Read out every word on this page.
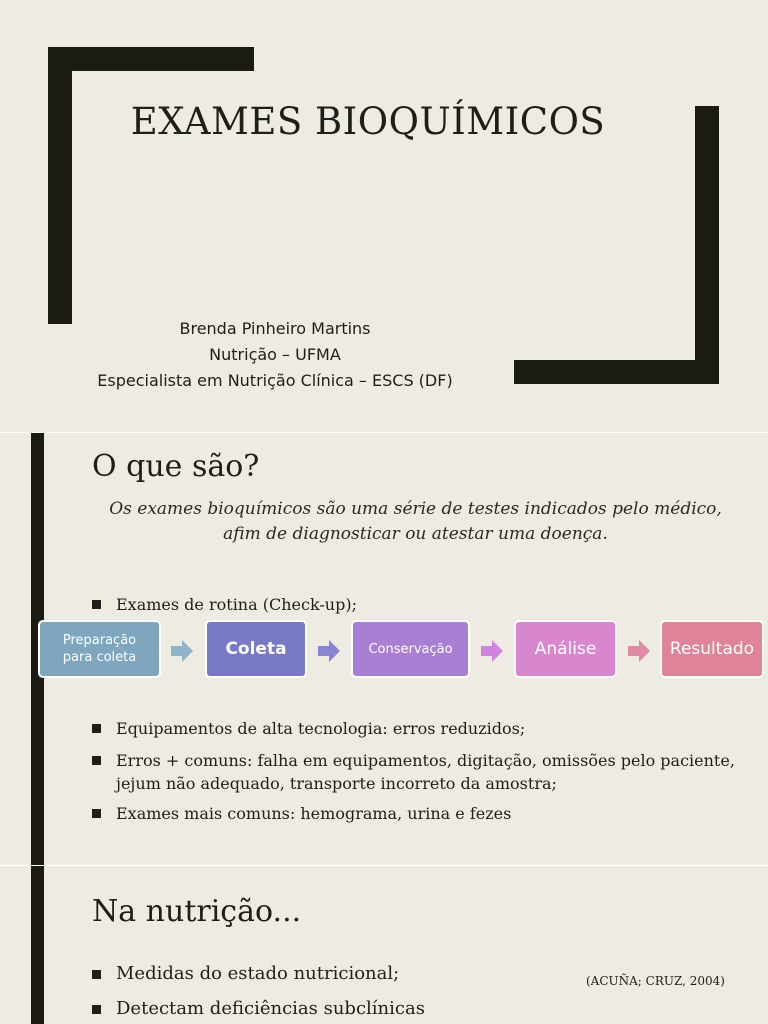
EXAMES BIOQUÍMICOS
Brenda Pinheiro Martins
Nutrição – UFMA
Especialista em Nutrição Clínica – ESCS (DF)
O que são?
Os exames bioquímicos são uma série de testes indicados pelo médico, afim de diagnosticar ou atestar uma doença.
Exames de rotina (Check-up);
Preparação para coleta	Coleta	Conservação	Análise	Resultado
Equipamentos de alta tecnologia: erros reduzidos;
Erros + comuns: falha em equipamentos, digitação, omissões pelo paciente, jejum não adequado, transporte incorreto da amostra;
Exames mais comuns: hemograma, urina e fezes
Na nutrição...
Medidas do estado nutricional;
Detectam deficiências subclínicas
(ACUÑA; CRUZ, 2004)
